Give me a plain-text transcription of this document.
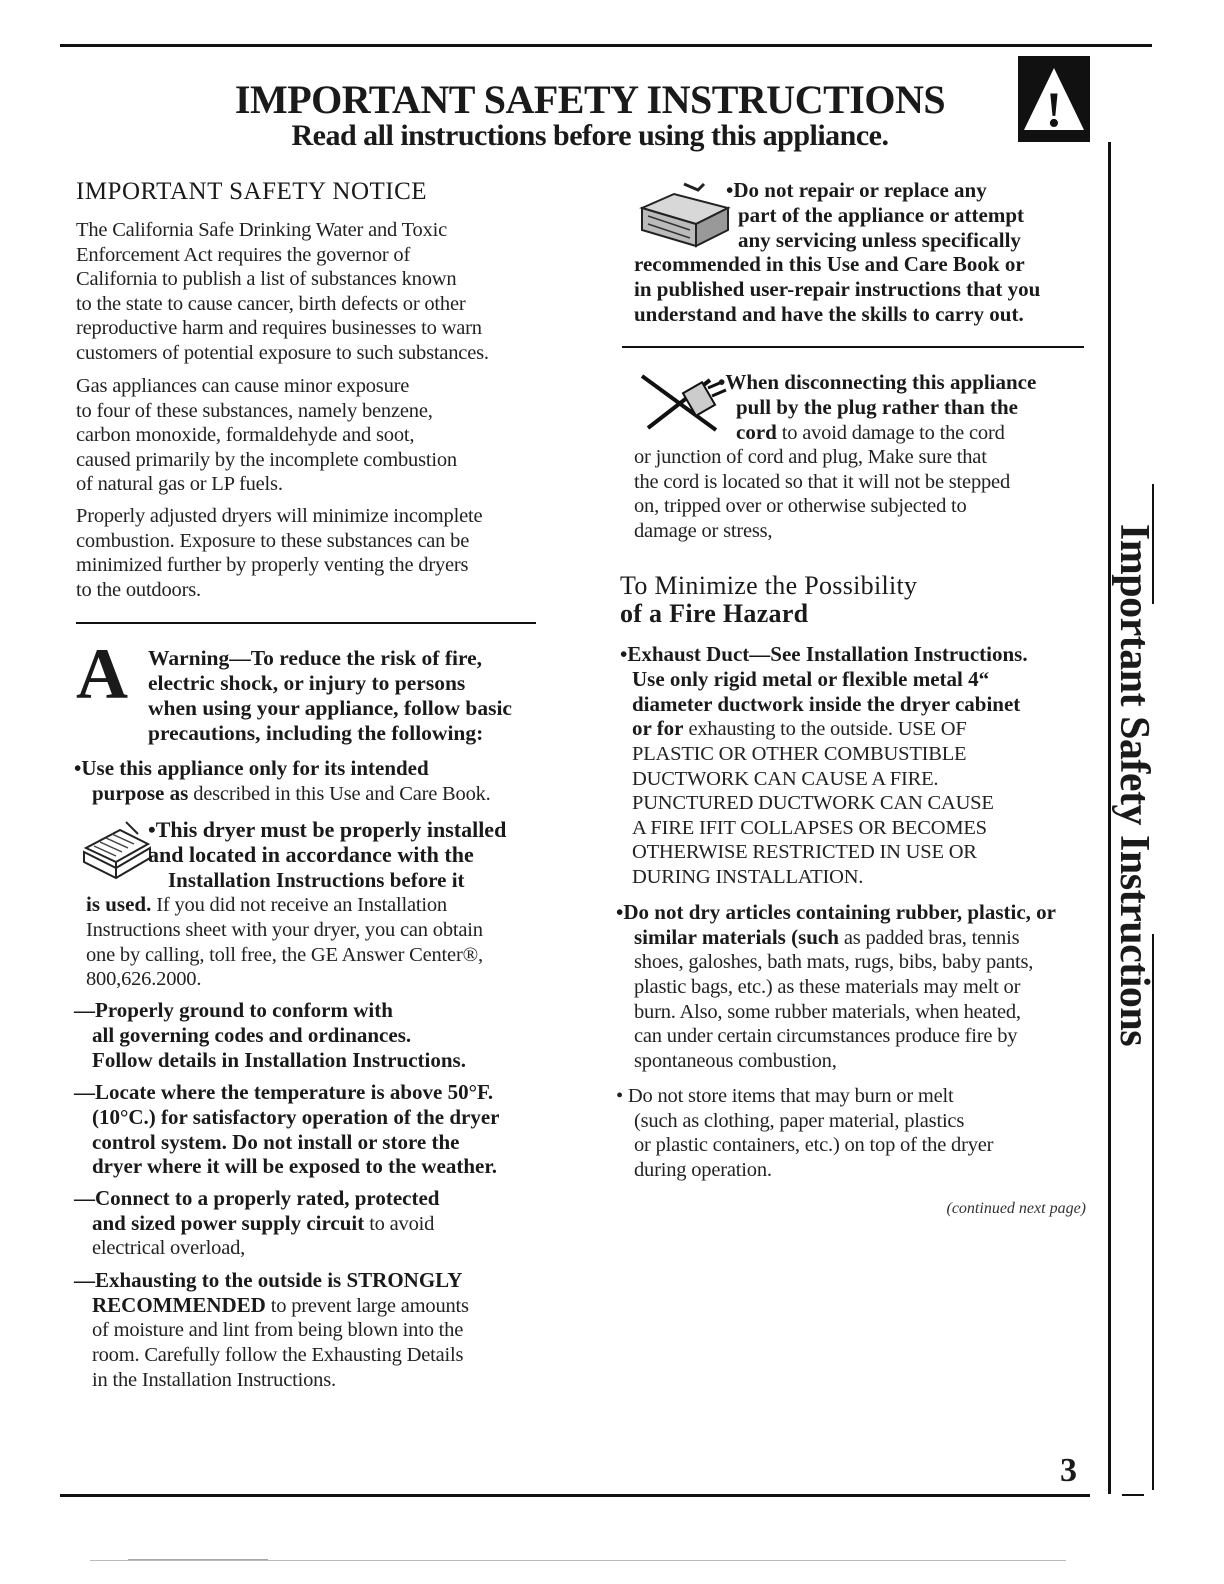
!
IMPORTANT SAFETY INSTRUCTIONS
Read all instructions before using this appliance.
Important Safety Instructions
IMPORTANT SAFETY NOTICE

The California Safe Drinking Water and Toxic

Enforcement Act requires the governor of

California to publish a list of substances known

to the state to cause cancer, birth defects or other

reproductive harm and requires businesses to warn

customers of potential exposure to such substances.

Gas appliances can cause minor exposure

to four of these substances, namely benzene,

carbon monoxide, formaldehyde and soot,

caused primarily by the incomplete combustion

of natural gas or LP fuels.

Properly adjusted dryers will minimize incomplete

combustion. Exposure to these substances can be

minimized further by properly venting the dryers

to the outdoors.

A Warning—To reduce the risk of fire,
electric shock, or injury to persons
when using your appliance, follow basic
precautions, including the following:
•Use this appliance only for its intended
purpose as described in this Use and Care Book.
•This dryer must be properly installed
and located in accordance with the
Installation Instructions before it
is used. If you did not receive an Installation
Instructions sheet with your dryer, you can obtain
one by calling, toll free, the GE Answer Center®,
800,626.2000.
—Properly ground to conform with
all governing codes and ordinances.
Follow details in Installation Instructions.
—Locate where the temperature is above 50°F.
(10°C.) for satisfactory operation of the dryer
control system. Do not install or store the
dryer where it will be exposed to the weather.
—Connect to a properly rated, protected
and sized power supply circuit to avoid
electrical overload,
—Exhausting to the outside is STRONGLY
RECOMMENDED to prevent large amounts
of moisture and lint from being blown into the
room. Carefully follow the Exhausting Details
in the Installation Instructions.
•Do not repair or replace any
part of the appliance or attempt
any servicing unless specifically
recommended in this Use and Care Book or
in published user-repair instructions that you
understand and have the skills to carry out.
•When disconnecting this appliance
pull by the plug rather than the
cord to avoid damage to the cord
or junction of cord and plug, Make sure that
the cord is located so that it will not be stepped
on, tripped over or otherwise subjected to
damage or stress,
To Minimize the Possibility
of a Fire Hazard
•Exhaust Duct—See Installation Instructions.
Use only rigid metal or flexible metal 4“
diameter ductwork inside the dryer cabinet
or for exhausting to the outside. USE OF
PLASTIC OR OTHER COMBUSTIBLE
DUCTWORK CAN CAUSE A FIRE.
PUNCTURED DUCTWORK CAN CAUSE
A FIRE IFIT COLLAPSES OR BECOMES
OTHERWISE RESTRICTED IN USE OR
DURING INSTALLATION.
•Do not dry articles containing rubber, plastic, or
similar materials (such as padded bras, tennis
shoes, galoshes, bath mats, rugs, bibs, baby pants,
plastic bags, etc.) as these materials may melt or
burn. Also, some rubber materials, when heated,
can under certain circumstances produce fire by
spontaneous combustion,
• Do not store items that may burn or melt
(such as clothing, paper material, plastics
or plastic containers, etc.) on top of the dryer
during operation.
(continued next page)
3
